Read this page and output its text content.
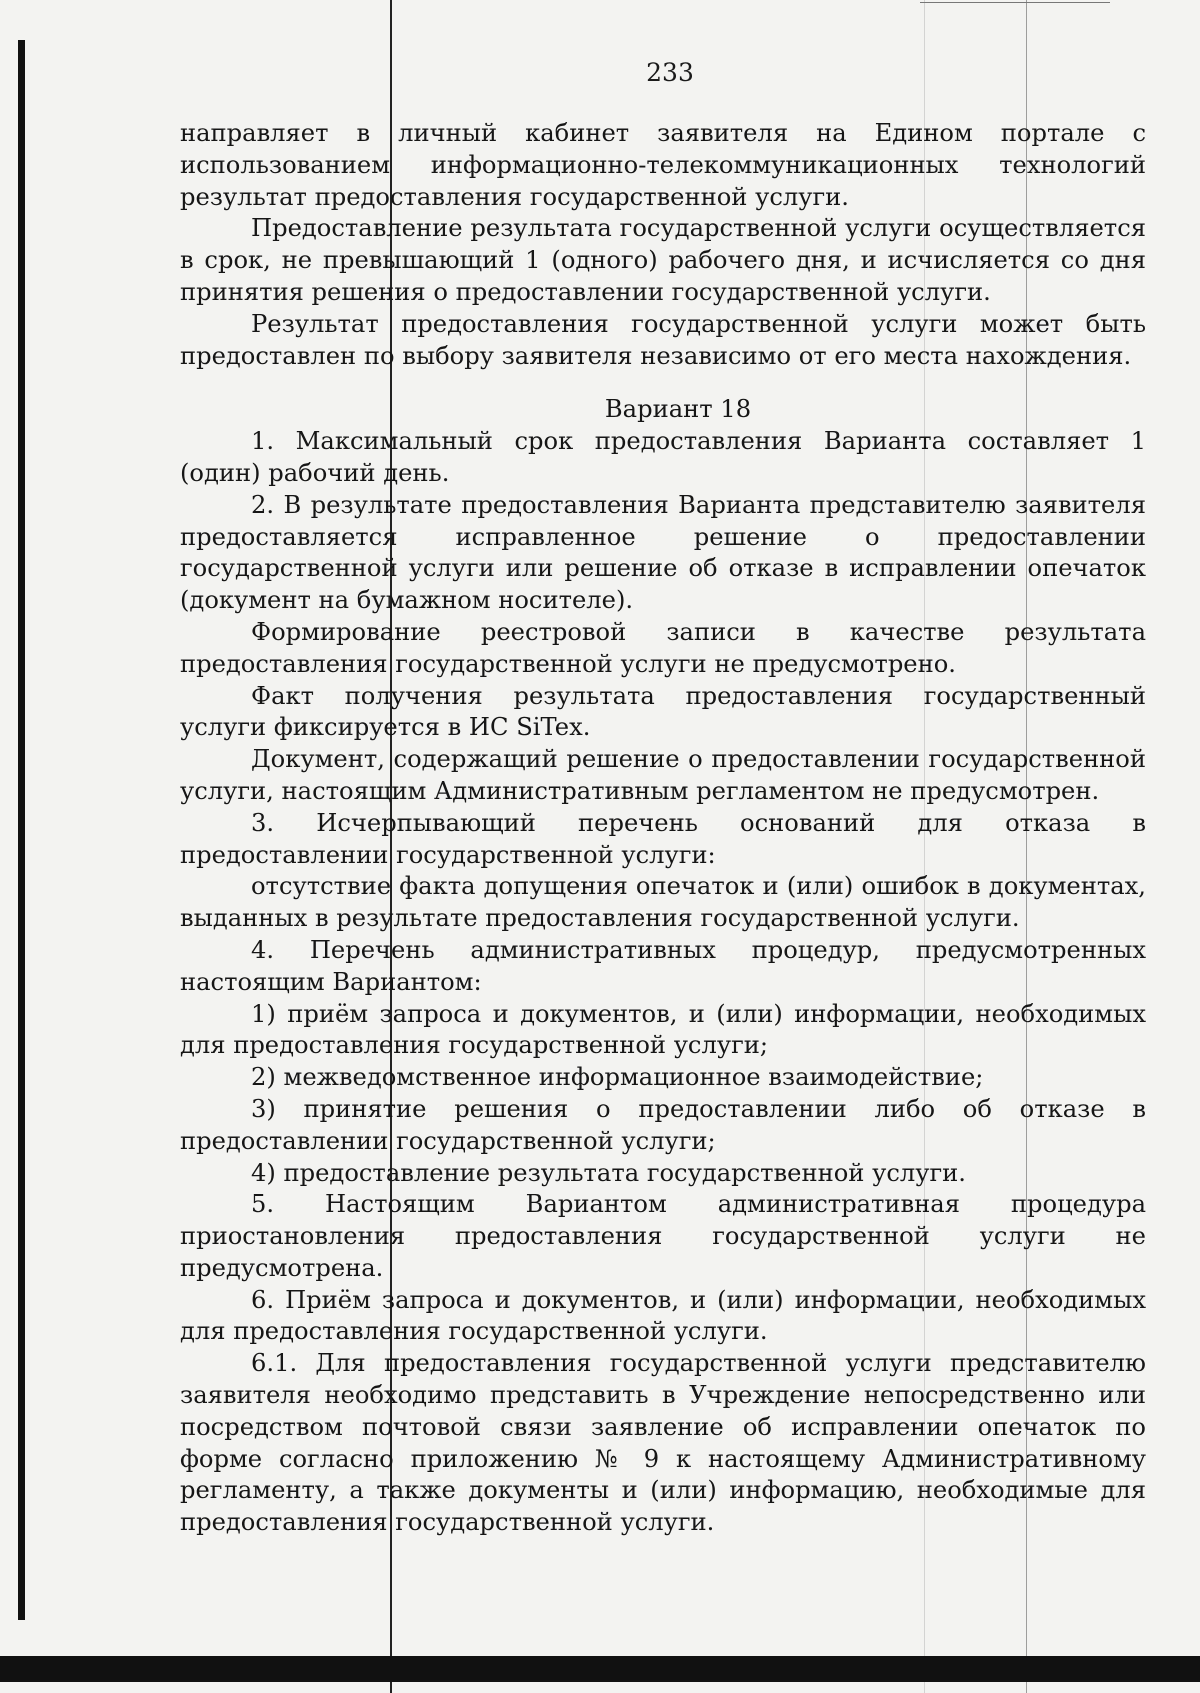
233

направляет в личный кабинет заявителя на Едином портале с использованием информационно-телекоммуникационных технологий результат предоставления государственной услуги.

Предоставление результата государственной услуги осуществляется в срок, не превышающий 1 (одного) рабочего дня, и исчисляется со дня принятия решения о предоставлении государственной услуги.

Результат предоставления государственной услуги может быть предоставлен по выбору заявителя независимо от его места нахождения.

Вариант 18

1. Максимальный срок предоставления Варианта составляет 1 (один) рабочий день.

2. В результате предоставления Варианта представителю заявителя предоставляется исправленное решение о предоставлении государственной услуги или решение об отказе в исправлении опечаток (документ на бумажном носителе).

Формирование реестровой записи в качестве результата предоставления государственной услуги не предусмотрено.

Факт получения результата предоставления государственный услуги фиксируется в ИС SiTex.

Документ, содержащий решение о предоставлении государственной услуги, настоящим Административным регламентом не предусмотрен.

3. Исчерпывающий перечень оснований для отказа в предоставлении государственной услуги:

отсутствие факта допущения опечаток и (или) ошибок в документах, выданных в результате предоставления государственной услуги.

4. Перечень административных процедур, предусмотренных настоящим Вариантом:

1) приём запроса и документов, и (или) информации, необходимых для предоставления государственной услуги;

2) межведомственное информационное взаимодействие;

3) принятие решения о предоставлении либо об отказе в предоставлении государственной услуги;

4) предоставление результата государственной услуги.

5. Настоящим Вариантом административная процедура приостановления предоставления государственной услуги не предусмотрена.

6. Приём запроса и документов, и (или) информации, необходимых для предоставления государственной услуги.

6.1. Для предоставления государственной услуги представителю заявителя необходимо представить в Учреждение непосредственно или посредством почтовой связи заявление об исправлении опечаток по форме согласно приложению № 9 к настоящему Административному регламенту, а также документы и (или) информацию, необходимые для предоставления государственной услуги.
